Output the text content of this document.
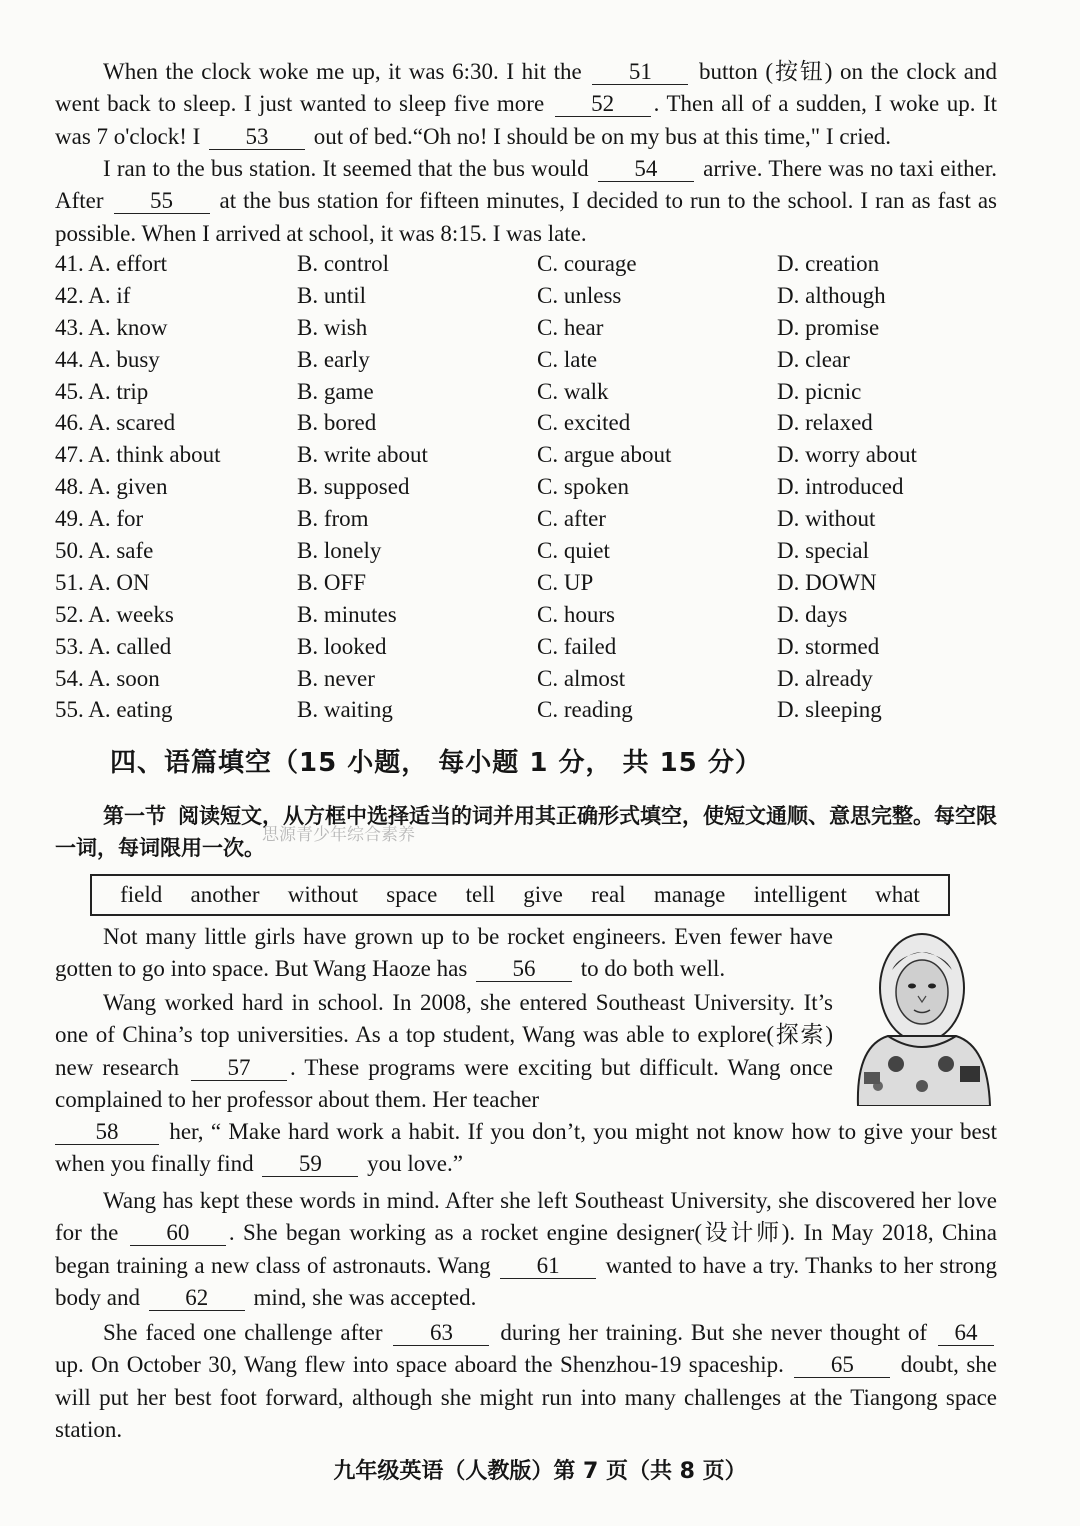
When the clock woke me up, it was 6:30. I hit the 51 button (按钮) on the clock and went back to sleep. I just wanted to sleep five more 52 . Then all of a sudden, I woke up. It was 7 o'clock! I 53 out of bed.“Oh no! I should be on my bus at this time," I cried.

I ran to the bus station. It seemed that the bus would 54 arrive. There was no taxi either. After 55 at the bus station for fifteen minutes, I decided to run to the school. I ran as fast as possible. When I arrived at school, it was 8:15. I was late.

41. A. effort	B. control	C. courage	D. creation
42. A. if	B. until	C. unless	D. although
43. A. know	B. wish	C. hear	D. promise
44. A. busy	B. early	C. late	D. clear
45. A. trip	B. game	C. walk	D. picnic
46. A. scared	B. bored	C. excited	D. relaxed
47. A. think about	B. write about	C. argue about	D. worry about
48. A. given	B. supposed	C. spoken	D. introduced
49. A. for	B. from	C. after	D. without
50. A. safe	B. lonely	C. quiet	D. special
51. A. ON	B. OFF	C. UP	D. DOWN
52. A. weeks	B. minutes	C. hours	D. days
53. A. called	B. looked	C. failed	D. stormed
54. A. soon	B. never	C. almost	D. already
55. A. eating	B. waiting	C. reading	D. sleeping
四、语篇填空（15 小题， 每小题 1 分， 共 15 分）
第一节 阅读短文，从方框中选择适当的词并用其正确形式填空，使短文通顺、意思完整。每空限一词，每词限用一次。
思源青少年综合素养
field another without space tell give real manage intelligent what

Not many little girls have grown up to be rocket engineers. Even fewer have gotten to go into space. But Wang Haoze has 56 to do both well.

Wang worked hard in school. In 2008, she entered Southeast University. It’s one of China’s top universities. As a top student, Wang was able to explore(探索) new research 57 . These programs were exciting but difficult. Wang once complained to her professor about them. Her teacher
58 her, “ Make hard work a habit. If you don’t, you might not know how to give your best when you finally find 59 you love.”

Wang has kept these words in mind. After she left Southeast University, she discovered her love for the 60 . She began working as a rocket engine designer(设计师). In May 2018, China began training a new class of astronauts. Wang 61 wanted to have a try. Thanks to her strong body and 62 mind, she was accepted.

She faced one challenge after 63 during her training. But she never thought of 64 up. On October 30, Wang flew into space aboard the Shenzhou-19 spaceship. 65 doubt, she will put her best foot forward, although she might run into many challenges at the Tiangong space station.

九年级英语（人教版）第 7 页（共 8 页）
